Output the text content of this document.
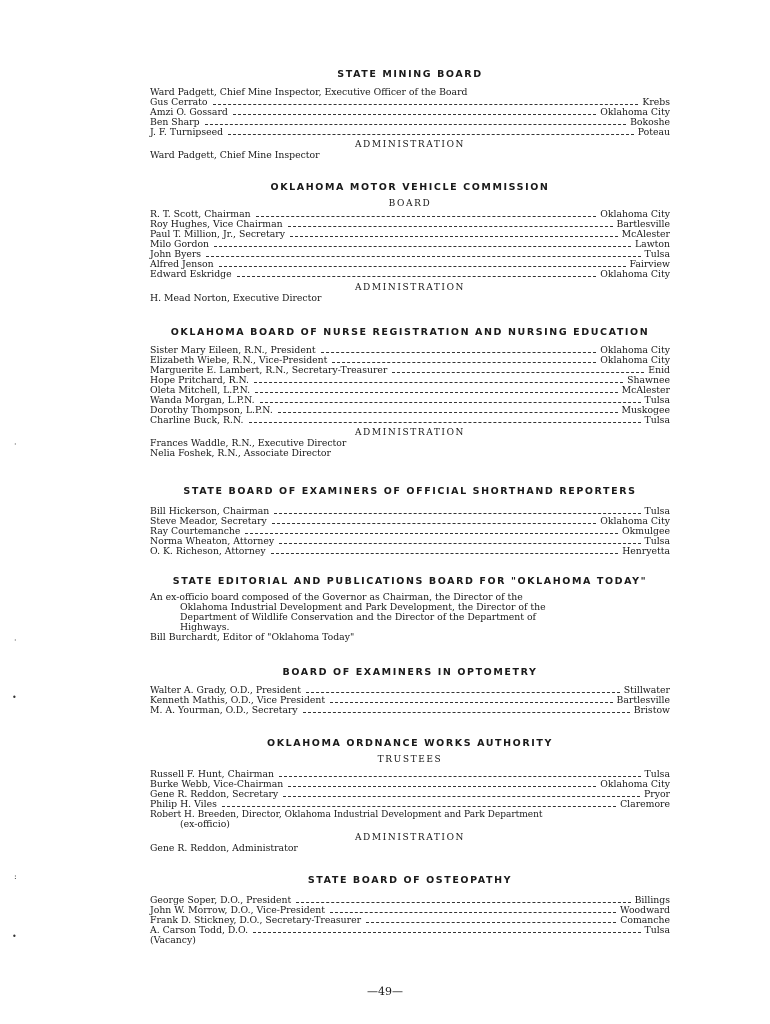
STATE MINING BOARD
Ward Padgett, Chief Mine Inspector, Executive Officer of the Board
Gus Cerrato	Krebs
Amzi O. Gossard	Oklahoma City
Ben Sharp	Bokoshe
J. F. Turnipseed	Poteau
ADMINISTRATION
Ward Padgett, Chief Mine Inspector
OKLAHOMA MOTOR VEHICLE COMMISSION
BOARD
R. T. Scott, Chairman	Oklahoma City
Roy Hughes, Vice Chairman	Bartlesville
Paul T. Million, Jr., Secretary	McAlester
Milo Gordon	Lawton
John Byers	Tulsa
Alfred Jenson	Fairview
Edward Eskridge	Oklahoma City
ADMINISTRATION
H. Mead Norton, Executive Director
OKLAHOMA BOARD OF NURSE REGISTRATION AND NURSING EDUCATION
Sister Mary Eileen, R.N., President	Oklahoma City
Elizabeth Wiebe, R.N., Vice-President	Oklahoma City
Marguerite E. Lambert, R.N., Secretary-Treasurer	Enid
Hope Pritchard, R.N.	Shawnee
Oleta Mitchell, L.P.N.	McAlester
Wanda Morgan, L.P.N.	Tulsa
Dorothy Thompson, L.P.N.	Muskogee
Charline Buck, R.N.	Tulsa
ADMINISTRATION
Frances Waddle, R.N., Executive Director
Nelia Foshek, R.N., Associate Director
STATE BOARD OF EXAMINERS OF OFFICIAL SHORTHAND REPORTERS
Bill Hickerson, Chairman	Tulsa
Steve Meador, Secretary	Oklahoma City
Ray Courtemanche	Okmulgee
Norma Wheaton, Attorney	Tulsa
O. K. Richeson, Attorney	Henryetta
STATE EDITORIAL AND PUBLICATIONS BOARD FOR "OKLAHOMA TODAY"
An ex-officio board composed of the Governor as Chairman, the Director of the
Oklahoma Industrial Development and Park Development, the Director of the
Department of Wildlife Conservation and the Director of the Department of
Highways.
Bill Burchardt, Editor of "Oklahoma Today"
BOARD OF EXAMINERS IN OPTOMETRY
Walter A. Grady, O.D., President	Stillwater
Kenneth Mathis, O.D., Vice President	Bartlesville
M. A. Yourman, O.D., Secretary	Bristow
OKLAHOMA ORDNANCE WORKS AUTHORITY
TRUSTEES
Russell F. Hunt, Chairman	Tulsa
Burke Webb, Vice-Chairman	Oklahoma City
Gene R. Reddon, Secretary	Pryor
Philip H. Viles	Claremore
Robert H. Breeden, Director, Oklahoma Industrial Development and Park Department
(ex-officio)
ADMINISTRATION
Gene R. Reddon, Administrator
STATE BOARD OF OSTEOPATHY
George Soper, D.O., President	Billings
John W. Morrow, D.O., Vice-President	Woodward
Frank D. Stickney, D.O., Secretary-Treasurer	Comanche
A. Carson Todd, D.O.	Tulsa
(Vacancy)
·
·
•
:
•
—49—
